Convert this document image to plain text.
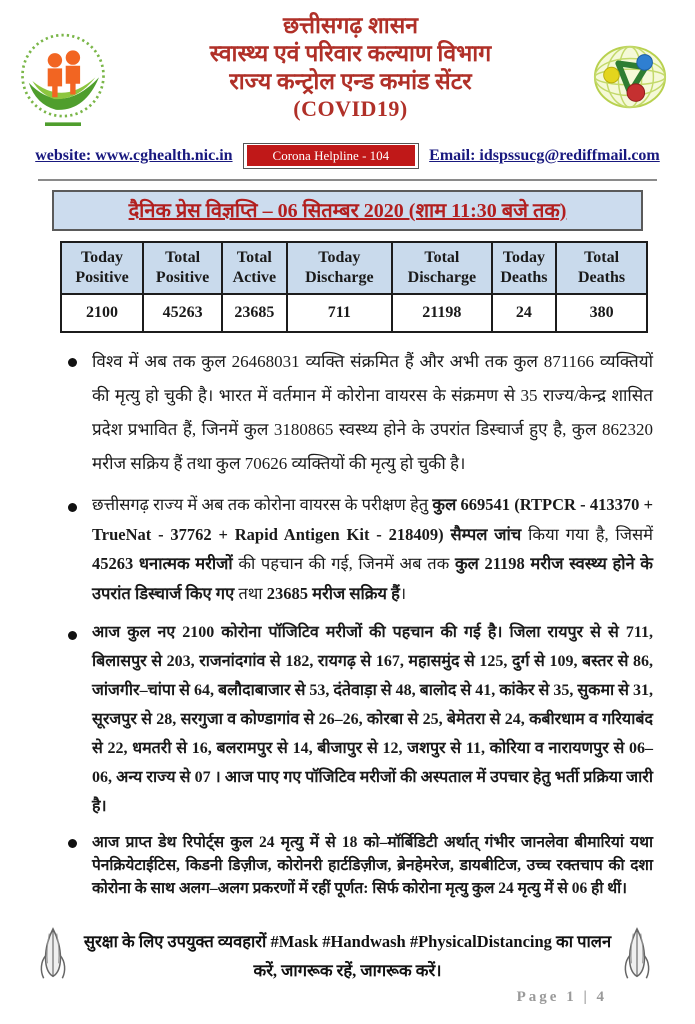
छत्तीसगढ़ शासन
स्वास्थ्य एवं परिवार कल्याण विभाग
राज्य कन्ट्रोल एन्ड कमांड सेंटर
(COVID19)
website: www.cghealth.nic.in	Corona Helpline - 104	Email: idspssucg@rediffmail.com
दैनिक प्रेस विज्ञप्ति – 06 सितम्बर 2020 (शाम 11:30 बजे तक)
Today Positive	Total Positive	Total Active	Today Discharge	Total Discharge	Today Deaths	Total Deaths
2100	45263	23685	711	21198	24	380
विश्व में अब तक कुल 26468031 व्यक्ति संक्रमित हैं और अभी तक कुल 871166 व्यक्तियों की मृत्यु हो चुकी है। भारत में वर्तमान में कोरोना वायरस के संक्रमण से 35 राज्य/केन्द्र शासित प्रदेश प्रभावित हैं, जिनमें कुल 3180865 स्वस्थ्य होने के उपरांत डिस्चार्ज हुए है, कुल 862320 मरीज सक्रिय हैं तथा कुल 70626 व्यक्तियों की मृत्यु हो चुकी है।
छत्तीसगढ़ राज्य में अब तक कोरोना वायरस के परीक्षण हेतु कुल 669541 (RTPCR - 413370 + TrueNat - 37762 + Rapid Antigen Kit - 218409) सैम्पल जांच किया गया है, जिसमें 45263 धनात्मक मरीजों की पहचान की गई, जिनमें अब तक कुल 21198 मरीज स्वस्थ्य होने के उपरांत डिस्चार्ज किए गए तथा 23685 मरीज सक्रिय हैं।
आज कुल नए 2100 कोरोना पॉजिटिव मरीजों की पहचान की गई है। जिला रायपुर से से 711, बिलासपुर से 203, राजनांदगांव से 182, रायगढ़ से 167, महासमुंद से 125, दुर्ग से 109, बस्तर से 86, जांजगीर–चांपा से 64, बलौदाबाजार से 53, दंतेवाड़ा से 48, बालोद से 41, कांकेर से 35, सुकमा से 31, सूरजपुर से 28, सरगुजा व कोण्डागांव से 26–26, कोरबा से 25, बेमेतरा से 24, कबीरधाम व गरियाबंद से 22, धमतरी से 16, बलरामपुर से 14, बीजापुर से 12, जशपुर से 11, कोरिया व नारायणपुर से 06–06, अन्य राज्य से 07 । आज पाए गए पॉजिटिव मरीजों की अस्पताल में उपचार हेतु भर्ती प्रक्रिया जारी है।
आज प्राप्त डेथ रिपोर्ट्स कुल 24 मृत्यु में से 18 को–मॉर्बिडिटी अर्थात् गंभीर जानलेवा बीमारियां यथा पेनक्रियेटाईटिस, किडनी डिज़ीज, कोरोनरी हार्टडिज़ीज, ब्रेनहेमरेज, डायबीटिज, उच्च रक्तचाप की दशा कोरोना के साथ अलग–अलग प्रकरणों में रहीं पूर्णत: सिर्फ कोरोना मृत्यु कुल 24 मृत्यु में से 06 ही थीं।
सुरक्षा के लिए उपयुक्त व्यवहारों #Mask #Handwash #PhysicalDistancing का पालन
करें, जागरूक रहें, जागरूक करें।
Page 1 | 4
